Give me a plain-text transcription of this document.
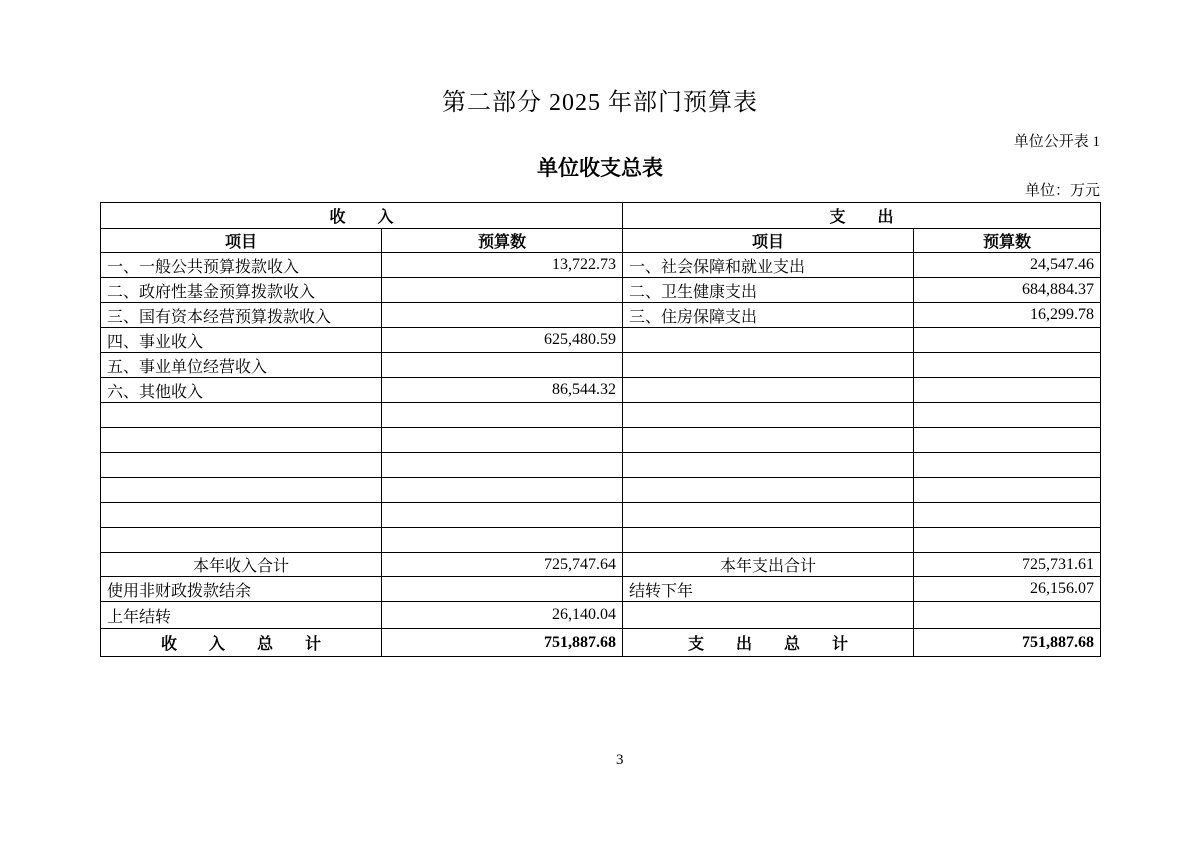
第二部分 2025 年部门预算表
单位公开表 1
单位收支总表
单位：万元
收　　入		支　　出	
项目	预算数	项目	预算数
一、一般公共预算拨款收入	13,722.73	一、社会保障和就业支出	24,547.46
二、政府性基金预算拨款收入		二、卫生健康支出	684,884.37
三、国有资本经营预算拨款收入		三、住房保障支出	16,299.78
四、事业收入	625,480.59		
五、事业单位经营收入			
六、其他收入	86,544.32		

本年收入合计	725,747.64	本年支出合计	725,731.61
使用非财政拨款结余		结转下年	26,156.07
上年结转	26,140.04		
收　　入　　总　　计	751,887.68	支　　出　　总　　计	751,887.68
3
